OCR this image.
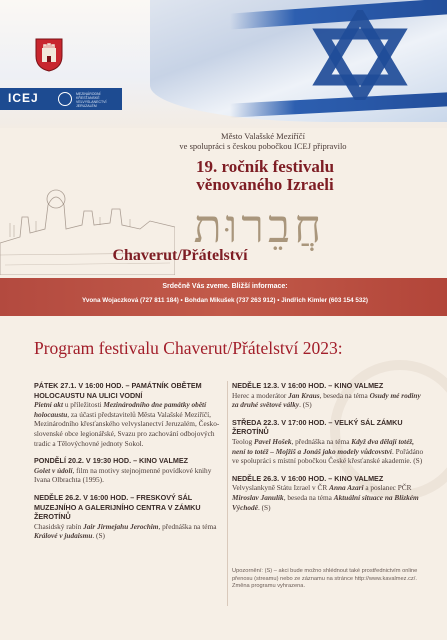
ICEJ	MEZINÁRODNÍ KŘESŤANSKÉ VELVYSLANECTVÍ JERUZALÉM
Město Valašské Meziříčí
ve spolupráci s českou pobočkou ICEJ připravilo
19. ročník festivalu
věnovaného Izraeli
חֲבֵרוּת
Chaverut/Přátelství
Srdečně Vás zveme. Bližší informace:
Yvona Wojaczková (727 811 184) • Bohdan Mikušek (737 263 912) • Jindřich Kimler (603 154 532)
Program festivalu Chaverut/Přátelství 2023:
PÁTEK 27.1. V 16:00 HOD. – PAMÁTNÍK OBĚTEM HOLOCAUSTU NA ULICI VODNÍ
Pietní akt u příležitosti Mezinárodního dne památky obětí holocaustu, za účasti představitelů Města Valašské Meziříčí, Mezinárodního křesťanského velvyslanectví Jeruzalém, Česko-slovenské obce legionářské, Svazu pro zachování odbojových tradic a Tělovýchovné jednoty Sokol.
PONDĚLÍ 20.2. V 19:30 HOD. – KINO VALMEZ
Golet v údolí, film na motivy stejnojmenné povídkové knihy Ivana Olbrachta (1995).
NEDĚLE 26.2. V 16:00 HOD. – FRESKOVÝ SÁL MUZEJNÍHO A GALERIJNÍHO CENTRA V ZÁMKU ŽEROTÍNŮ
Chasidský rabín Jair Jirmejahu Jerochim, přednáška na téma Králové v judaismu. (S)
NEDĚLE 12.3. V 16:00 HOD. – KINO VALMEZ
Herec a moderátor Jan Kraus, beseda na téma Osudy mé rodiny za druhé světové války. (S)
STŘEDA 22.3. V 17:00 HOD. – VELKÝ SÁL ZÁMKU ŽEROTÍNŮ
Teolog Pavel Hošek, přednáška na téma Když dva dělají totéž, není to totéž – Mojžíš a Jonáš jako modely vůdcovství. Pořádáno ve spolupráci s místní pobočkou České křesťanské akademie. (S)
NEDĚLE 26.3. V 16:00 HOD. – KINO VALMEZ
Velvyslankyně Státu Izrael v ČR Anna Azari a poslanec PČR Miroslav Janulík, beseda na téma Aktuální situace na Blízkém Východě. (S)
Upozornění: (S) – akci bude možno shlédnout také prostřednictvím online přenosu (streamu) nebo ze záznamu na stránce http://www.kavalmez.cz/. Změna programu vyhrazena.
